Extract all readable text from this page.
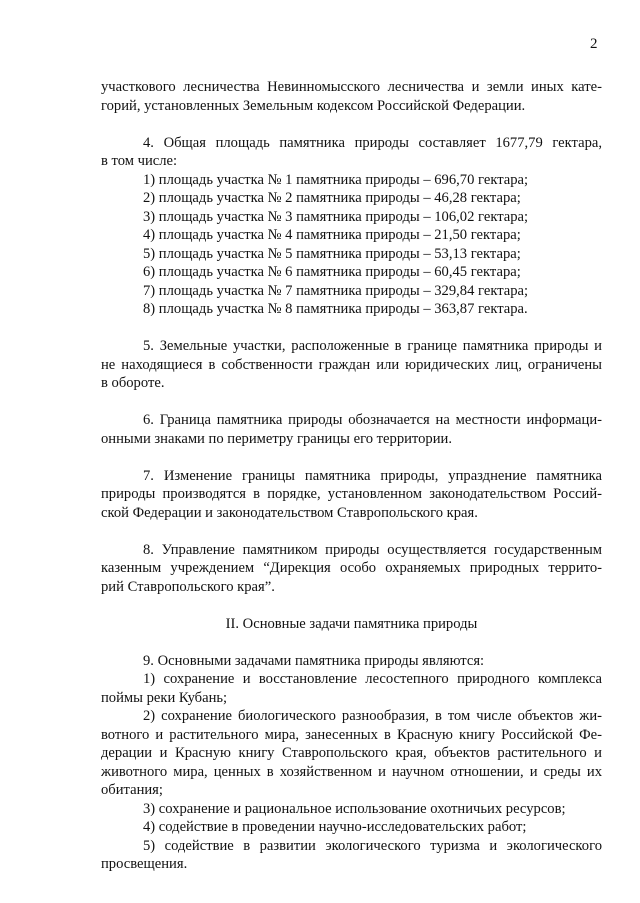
2

участкового лесничества Невинномысского лесничества и земли иных кате-

горий, установленных Земельным кодексом Российской Федерации.

4. Общая площадь памятника природы составляет 1677,79 гектара,

в том числе:

1) площадь участка № 1 памятника природы – 696,70 гектара;

2) площадь участка № 2 памятника природы – 46,28 гектара;

3) площадь участка № 3 памятника природы – 106,02 гектара;

4) площадь участка № 4 памятника природы – 21,50 гектара;

5) площадь участка № 5 памятника природы – 53,13 гектара;

6) площадь участка № 6 памятника природы – 60,45 гектара;

7) площадь участка № 7 памятника природы – 329,84 гектара;

8) площадь участка № 8 памятника природы – 363,87 гектара.

5. Земельные участки, расположенные в границе памятника природы и

не находящиеся в собственности граждан или юридических лиц, ограничены

в обороте.

6. Граница памятника природы обозначается на местности информаци-

онными знаками по периметру границы его территории.

7. Изменение границы памятника природы, упразднение памятника

природы производятся в порядке, установленном законодательством Россий-

ской Федерации и законодательством Ставропольского края.

8. Управление памятником природы осуществляется государственным

казенным учреждением “Дирекция особо охраняемых природных террито-

рий Ставропольского края”.

II. Основные задачи памятника природы

9. Основными задачами памятника природы являются:

1) сохранение и восстановление лесостепного природного комплекса

поймы реки Кубань;

2) сохранение биологического разнообразия, в том числе объектов жи-

вотного и растительного мира, занесенных в Красную книгу Российской Фе-

дерации и Красную книгу Ставропольского края, объектов растительного и

животного мира, ценных в хозяйственном и научном отношении, и среды их

обитания;

3) сохранение и рациональное использование охотничьих ресурсов;

4) содействие в проведении научно-исследовательских работ;

5) содействие в развитии экологического туризма и экологического

просвещения.
